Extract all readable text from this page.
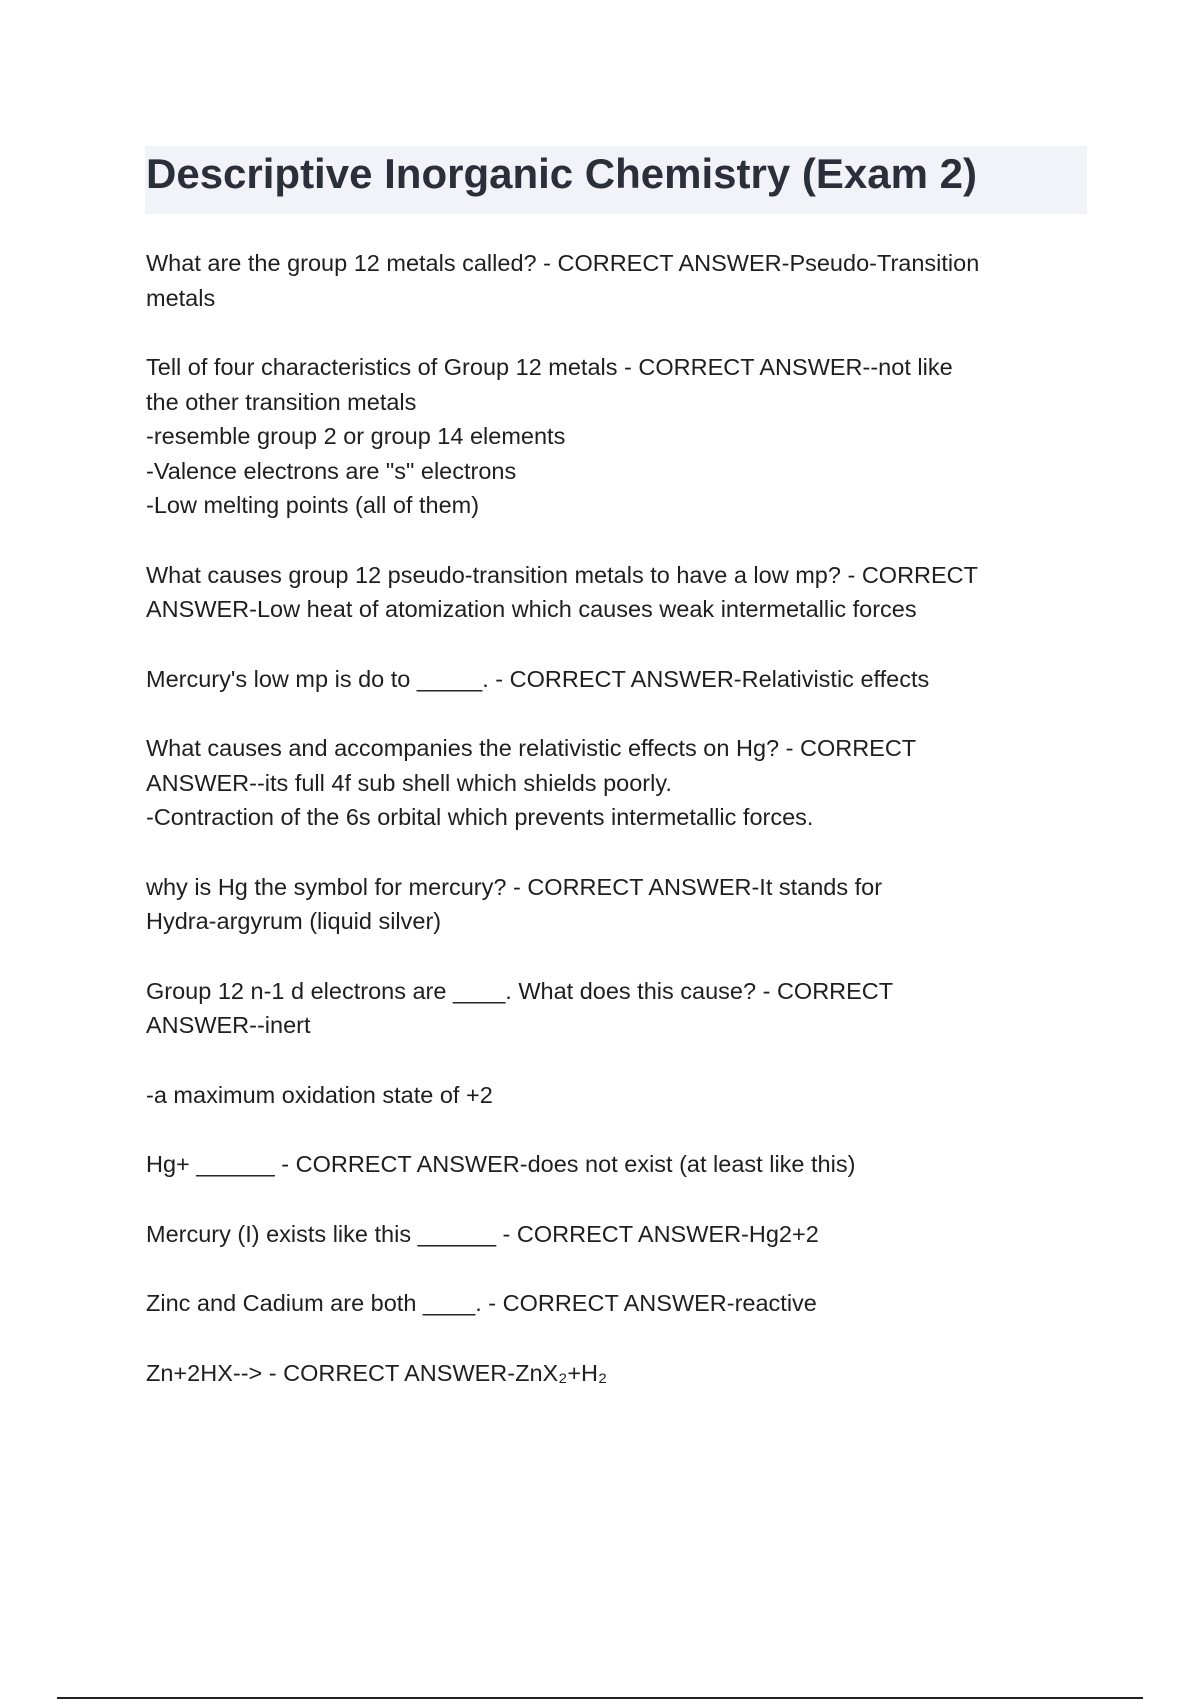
Descriptive Inorganic Chemistry (Exam 2)
What are the group 12 metals called? - CORRECT ANSWER-Pseudo-Transition
metals
Tell of four characteristics of Group 12 metals - CORRECT ANSWER--not like
the other transition metals
-resemble group 2 or group 14 elements
-Valence electrons are "s" electrons
-Low melting points (all of them)
What causes group 12 pseudo-transition metals to have a low mp? - CORRECT
ANSWER-Low heat of atomization which causes weak intermetallic forces
Mercury's low mp is do to _____. - CORRECT ANSWER-Relativistic effects
What causes and accompanies the relativistic effects on Hg? - CORRECT
ANSWER--its full 4f sub shell which shields poorly.
-Contraction of the 6s orbital which prevents intermetallic forces.
why is Hg the symbol for mercury? - CORRECT ANSWER-It stands for
Hydra-argyrum (liquid silver)
Group 12 n-1 d electrons are ____. What does this cause? - CORRECT
ANSWER--inert
-a maximum oxidation state of +2
Hg+ ______ - CORRECT ANSWER-does not exist (at least like this)
Mercury (I) exists like this ______ - CORRECT ANSWER-Hg2+2
Zinc and Cadium are both ____. - CORRECT ANSWER-reactive
Zn+2HX--> - CORRECT ANSWER-ZnX₂+H₂
